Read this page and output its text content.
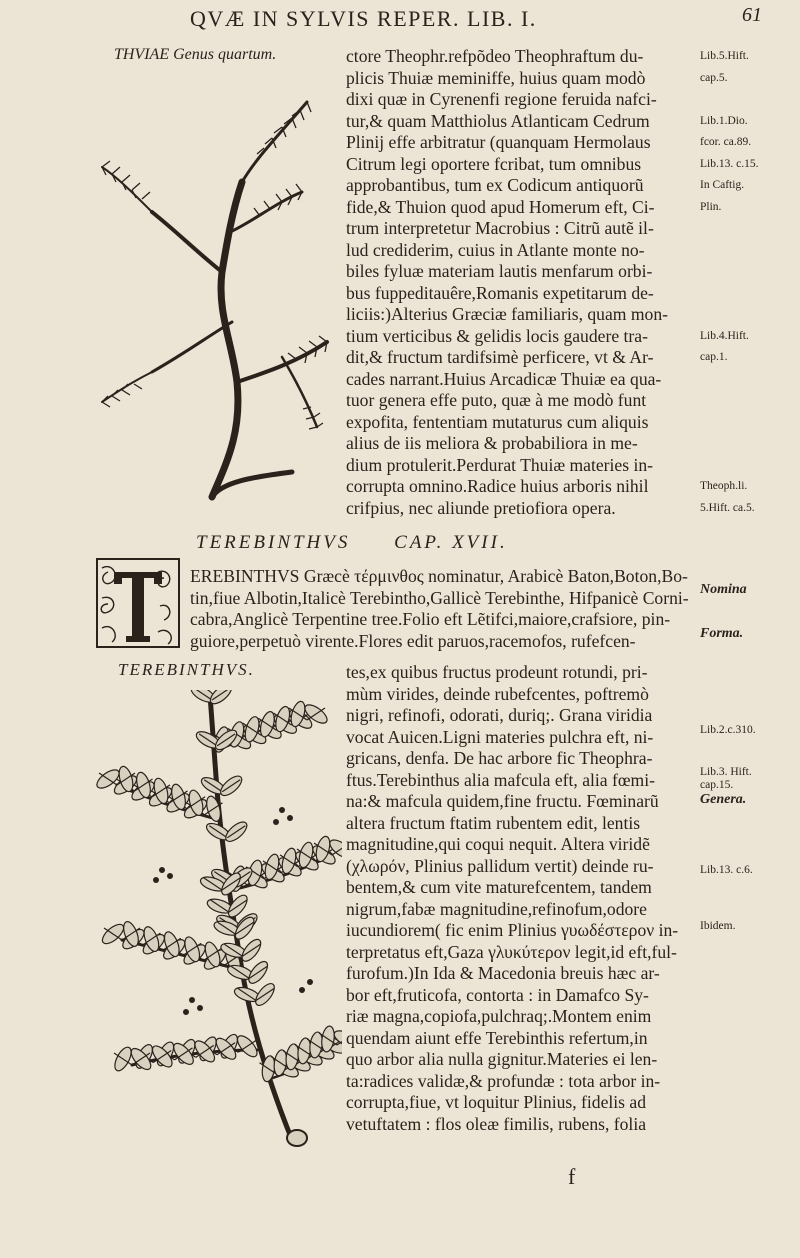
QVÆ IN SYLVIS REPER. LIB. I.	61
THVIAE Genus quartum.	ctore Theophr.refpõdeo Theophraftum du-
plicis Thuiæ meminiffe, huius quam modò
dixi quæ in Cyrenenfi regione feruida nafci-
tur,& quam Matthiolus Atlanticam Cedrum
Plinij effe arbitratur (quanquam Hermolaus
Citrum legi oportere fcribat, tum omnibus
approbantibus, tum ex Codicum antiquorũ
fide,& Thuion quod apud Homerum eft, Ci-
trum interpretetur Macrobius : Citrũ autẽ il-
lud crediderim, cuius in Atlante monte no-
biles fyluæ materiam lautis menfarum orbi-
bus fuppeditauêre,Romanis expetitarum de-
liciis:)Alterius Græciæ familiaris, quam mon-
tium verticibus & gelidis locis gaudere tra-
dit,& fructum tardifsimè perficere, vt & Ar-
cades narrant.Huius Arcadicæ Thuiæ ea qua-
tuor genera effe puto, quæ à me modò funt
expofita, fententiam mutaturus cum aliquis
alius de iis meliora & probabiliora in me-
dium protulerit.Perdurat Thuiæ materies in-
corrupta omnino.Radice huius arboris nihil
crifpius, nec aliunde pretiofiora opera.
Lib.5.Hift.
cap.5.
Lib.1.Dio.
fcor. ca.89.
Lib.13. c.15.
In Caftig.
Plin.
Lib.4.Hift.
cap.1.
Theoph.li.
5.Hift. ca.5.
TEREBINTHVS CAP. XVII.
EREBINTHVS Græcè τέρμινθος nominatur, Arabicè Baton,Boton,Bo-
tin,fiue Albotin,Italicè Terebintho,Gallicè Terebinthe, Hifpanicè Corni-
cabra,Anglicè Terpentine tree.Folio eft Lẽtifci,maiore,crafsiore, pin-
guiore,perpetuò virente.Flores edit paruos,racemofos, rufefcen-
TEREBINTHVS.	tes,ex quibus fructus prodeunt rotundi, pri-
mùm virides, deinde rubefcentes, poftremò
nigri, refinofi, odorati, duriq;. Grana viridia
vocat Auicen.Ligni materies pulchra eft, ni-
gricans, denfa. De hac arbore fic Theophra-
ftus.Terebinthus alia mafcula eft, alia fœmi-
na:& mafcula quidem,fine fructu. Fœminarũ
altera fructum ftatim rubentem edit, lentis
magnitudine,qui coqui nequit. Altera viridẽ
(χλωρόν, Plinius pallidum vertit) deinde ru-
bentem,& cum vite maturefcentem, tandem
nigrum,fabæ magnitudine,refinofum,odore
iucundiorem( fic enim Plinius γυωδέστερον in-
terpretatus eft,Gaza γλυκύτερον legit,id eft,ful-
furofum.)In Ida & Macedonia breuis hæc ar-
bor eft,fruticofa, contorta : in Damafco Sy-
riæ magna,copiofa,pulchraq;.Montem enim
quendam aiunt effe Terebinthis refertum,in
quo arbor alia nulla gignitur.Materies ei len-
ta:radices validæ,& profundæ : tota arbor in-
corrupta,fiue, vt loquitur Plinius, fidelis ad
vetuftatem : flos oleæ fimilis, rubens, folia
Nomina
Forma.
Lib.2.c.310.
Lib.3. Hift.
cap.15.
Genera.
Lib.13. c.6.
Ibidem.
f
